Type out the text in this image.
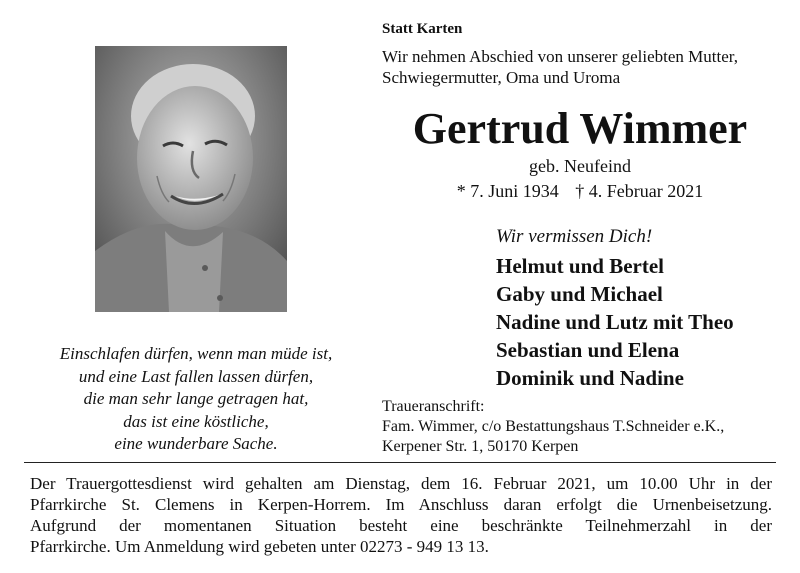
Statt Karten
Wir nehmen Abschied von unserer geliebten Mutter,
Schwiegermutter, Oma und Uroma
Gertrud Wimmer
geb. Neufeind
* 7. Juni 1934 † 4. Februar 2021
Wir vermissen Dich!
Helmut und Bertel
Gaby und Michael
Nadine und Lutz mit Theo
Sebastian und Elena
Dominik und Nadine
Einschlafen dürfen, wenn man müde ist,
und eine Last fallen lassen dürfen,
die man sehr lange getragen hat,
das ist eine köstliche,
eine wunderbare Sache.
Traueranschrift:
Fam. Wimmer, c/o Bestattungshaus T.Schneider e.K.,
Kerpener Str. 1, 50170 Kerpen
Der Trauergottesdienst wird gehalten am Dienstag, dem 16. Februar 2021, um 10.00 Uhr in der
Pfarrkirche St. Clemens in Kerpen-Horrem. Im Anschluss daran erfolgt die Urnenbeisetzung.
Aufgrund der momentanen Situation besteht eine beschränkte Teilnehmerzahl in der
Pfarrkirche. Um Anmeldung wird gebeten unter 02273 - 949 13 13.
